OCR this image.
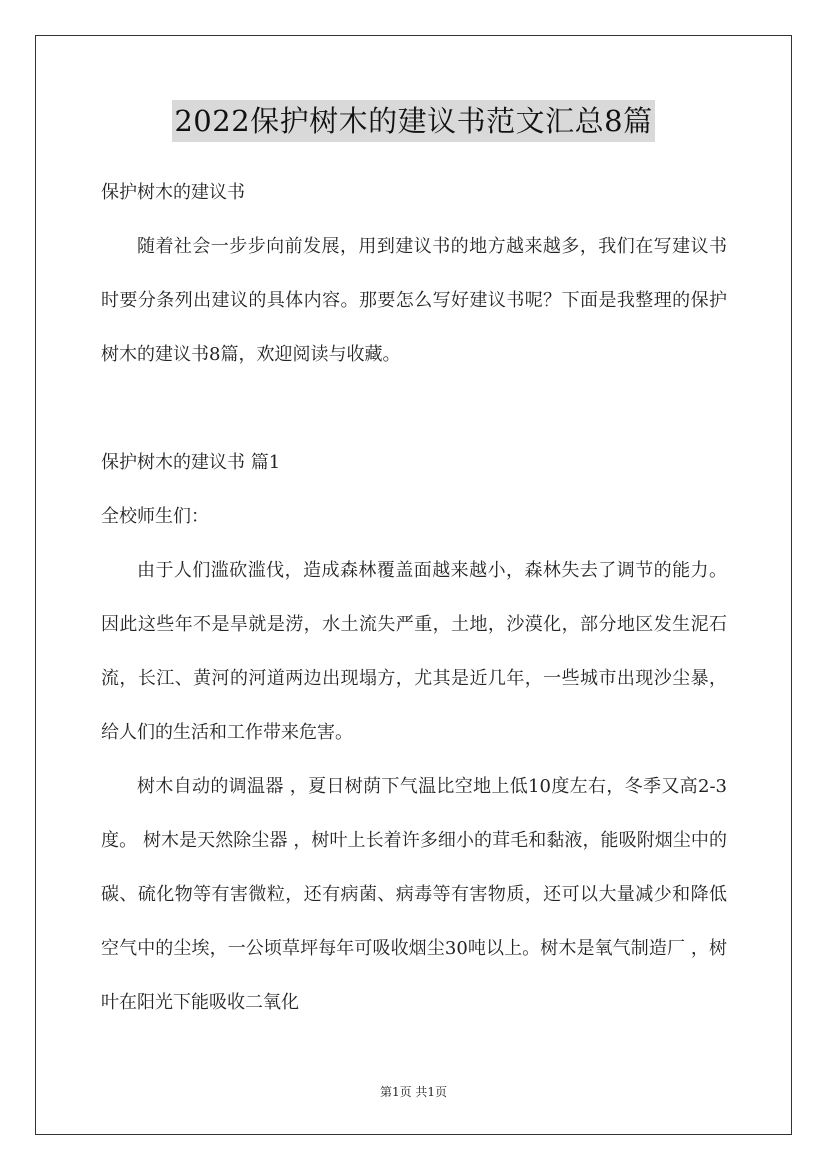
2022保护树木的建议书范文汇总8篇

保护树木的建议书

随着社会一步步向前发展，用到建议书的地方越来越多，我们在写建议书时要分条列出建议的具体内容。那要怎么写好建议书呢？下面是我整理的保护树木的建议书8篇，欢迎阅读与收藏。

保护树木的建议书 篇1

全校师生们：

由于人们滥砍滥伐，造成森林覆盖面越来越小，森林失去了调节的能力。因此这些年不是旱就是涝，水土流失严重，土地，沙漠化，部分地区发生泥石流，长江、黄河的河道两边出现塌方，尤其是近几年，一些城市出现沙尘暴，给人们的生活和工作带来危害。

树木自动的调温器 ，夏日树荫下气温比空地上低10度左右，冬季又高2-3度。 树木是天然除尘器 ，树叶上长着许多细小的茸毛和黏液，能吸附烟尘中的碳、硫化物等有害微粒，还有病菌、病毒等有害物质，还可以大量减少和降低空气中的尘埃，一公顷草坪每年可吸收烟尘30吨以上。树木是氧气制造厂 ，树叶在阳光下能吸收二氧化

第1页 共1页
